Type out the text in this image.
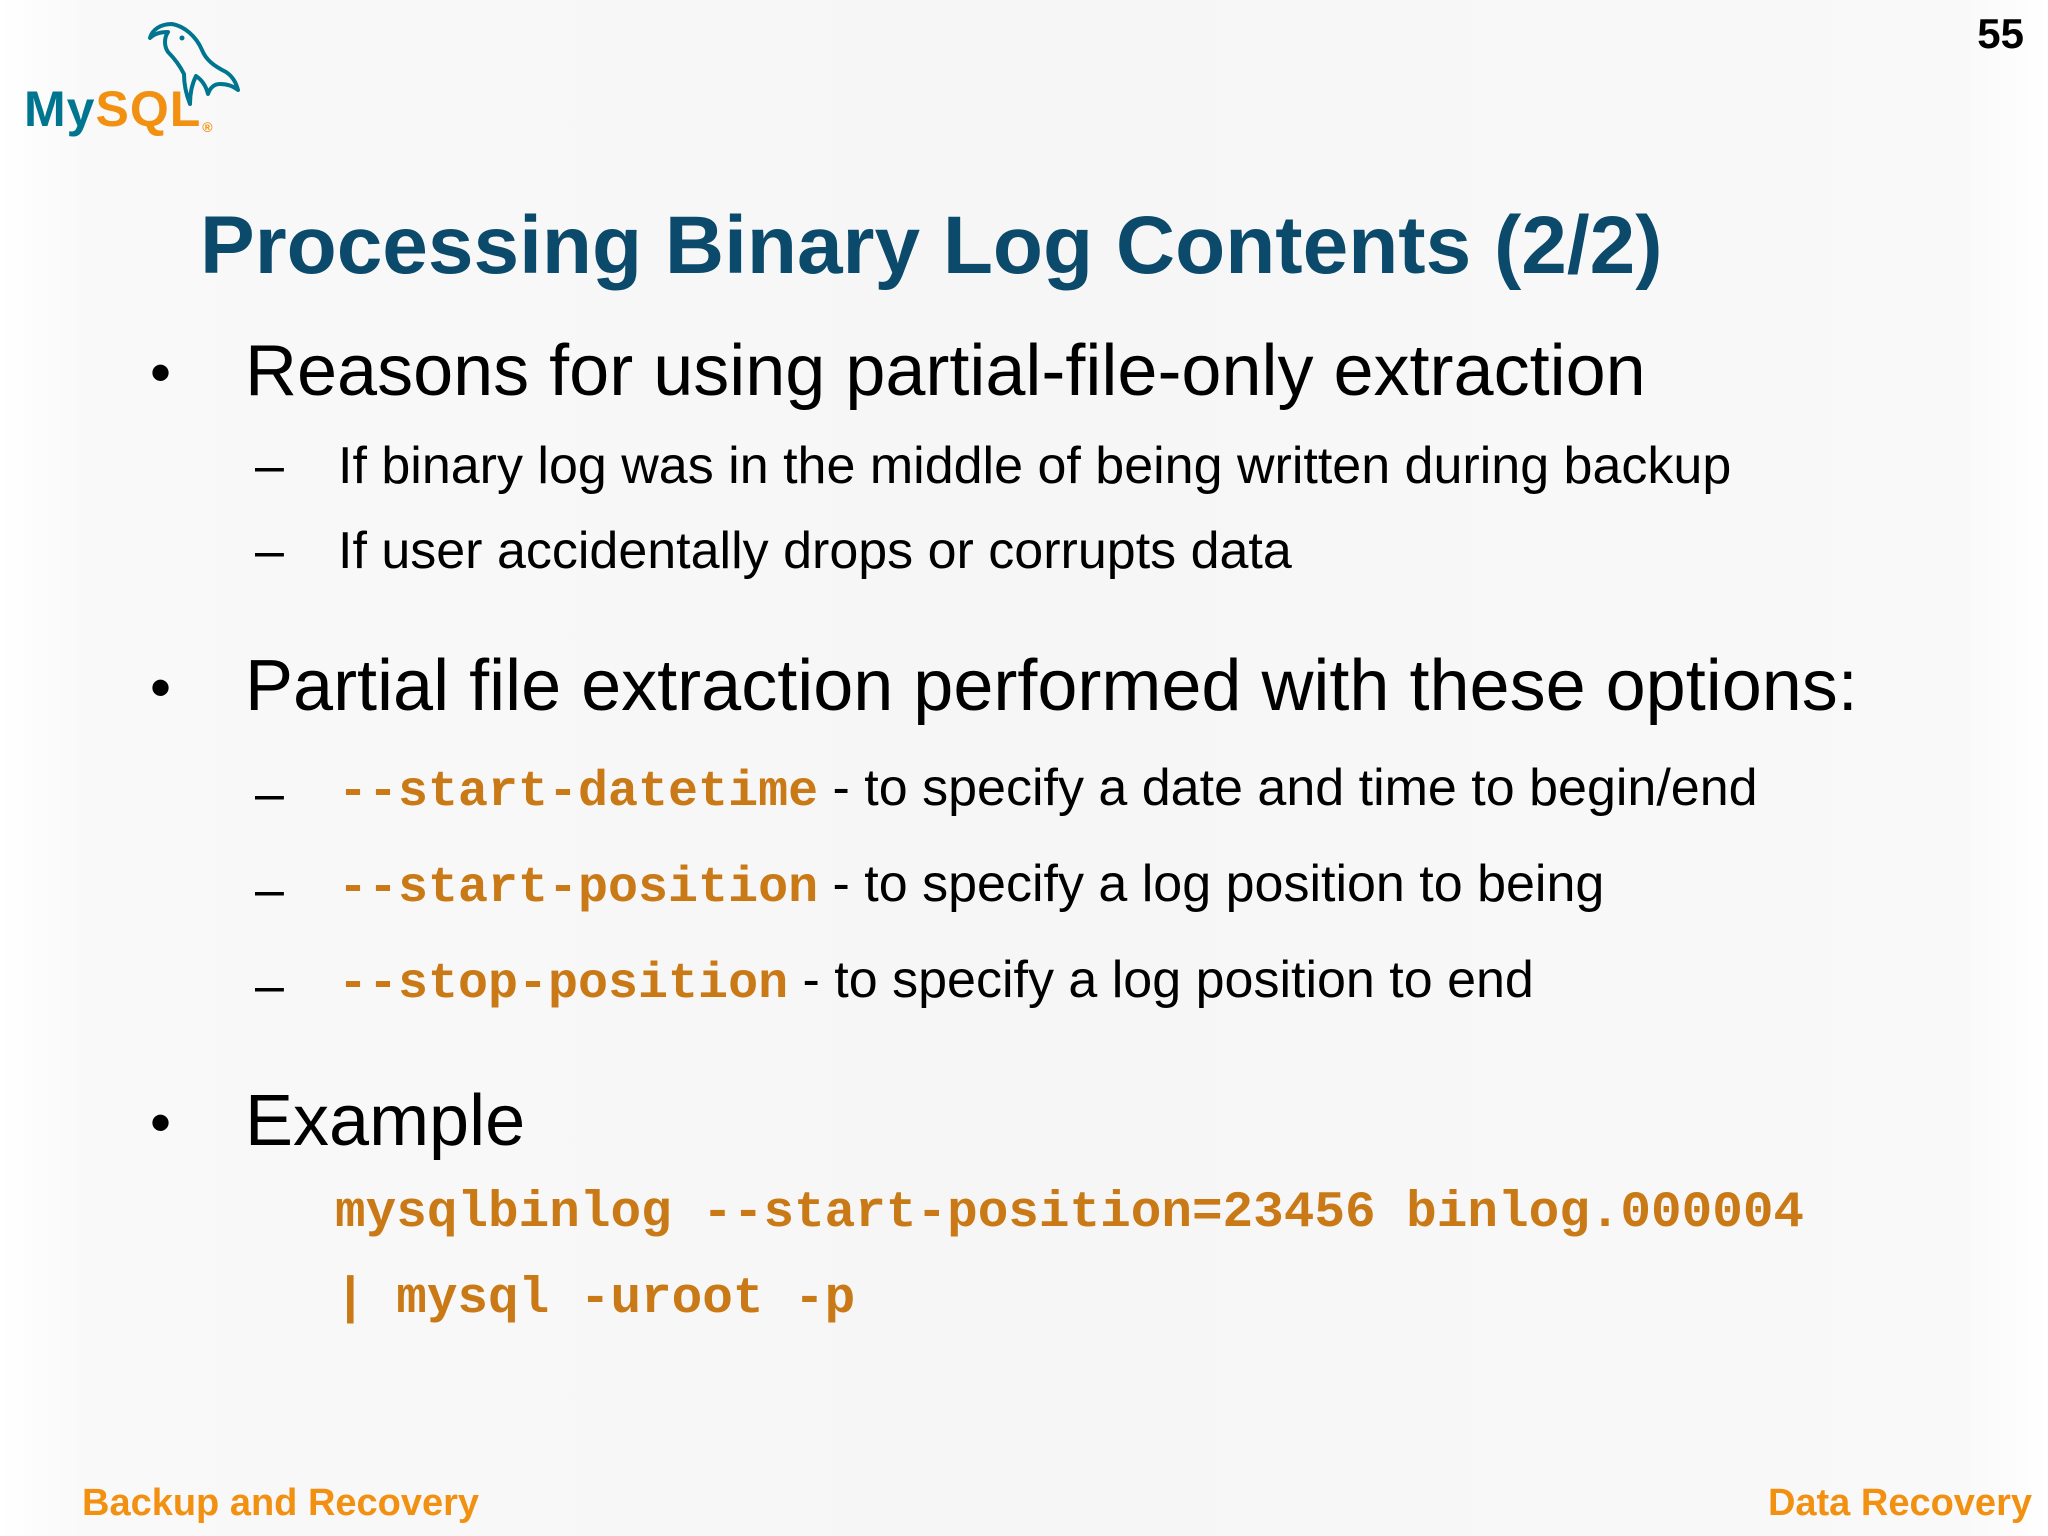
MySQL®
55
Processing Binary Log Contents (2/2)
• Reasons for using partial-file-only extraction
– If binary log was in the middle of being written during backup
– If user accidentally drops or corrupts data
• Partial file extraction performed with these options:
– --start-datetime - to specify a date and time to begin/end
– --start-position - to specify a log position to being
– --stop-position - to specify a log position to end
• Example
mysqlbinlog --start-position=23456 binlog.000004
| mysql -uroot -p
Backup and Recovery	Data Recovery
